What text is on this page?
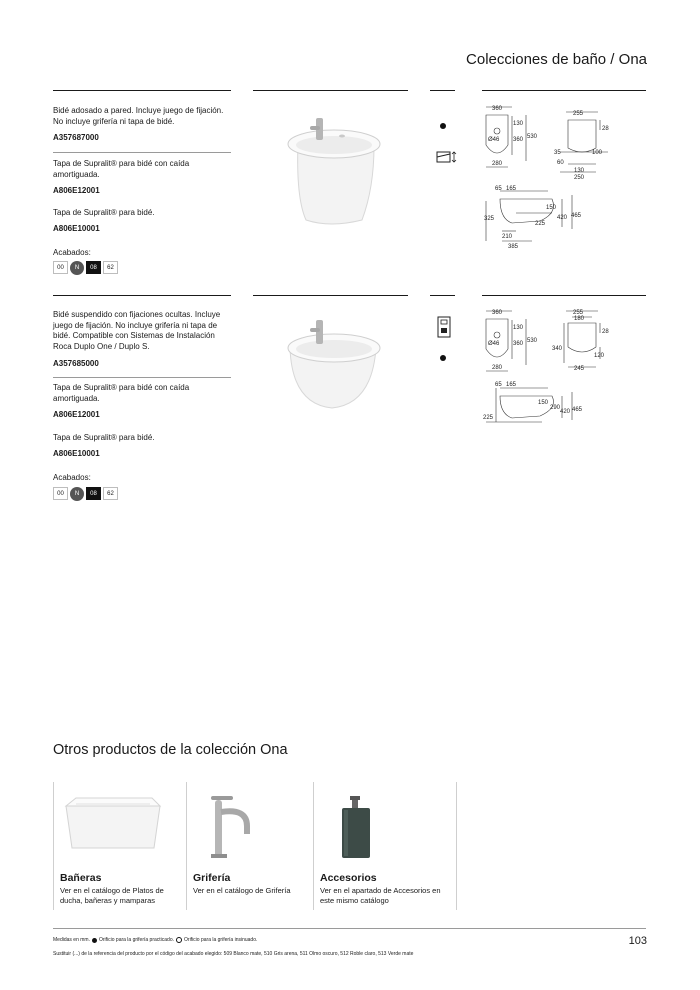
Colecciones de baño / Ona
Bidé adosado a pared. Incluye juego de fijación. No incluye grifería ni tapa de bidé.
A357687000
Tapa de Supralit® para bidé con caída amortiguada.
A806E12001
Tapa de Supralit® para bidé.
A806E10001
Acabados:
00	N	08	62
360
130
Ø46 360 530
280
255
28
35	100
60
130
250
65 165
150
325	420 465
225
210
385
Bidé suspendido con fijaciones ocultas. Incluye juego de fijación. No incluye grifería ni tapa de bidé. Compatible con Sistemas de Instalación Roca Duplo One / Duplo S.
A357685000
Tapa de Supralit® para bidé con caída amortiguada.
A806E12001
Tapa de Supralit® para bidé.
A806E10001
Acabados:
00	N	08	62
360
130
Ø46 360 530
280
255
180
28
340
120
245
65 165
150
290
420 465
225
Otros productos de la colección Ona
Bañeras
Ver en el catálogo de Platos de ducha, bañeras y mamparas
Grifería
Ver en el catálogo de Grifería
Accesorios
Ver en el apartado de Accesorios en este mismo catálogo
Medidas en mm. Orificio para la grifería practicado. Orificio para la grifería insinuado.
Sustituir (...) de la referencia del producto por el código del acabado elegido: 509 Blanco mate, 510 Gris arena, 511 Olmo oscuro, 512 Roble claro, 513 Verde mate
103
